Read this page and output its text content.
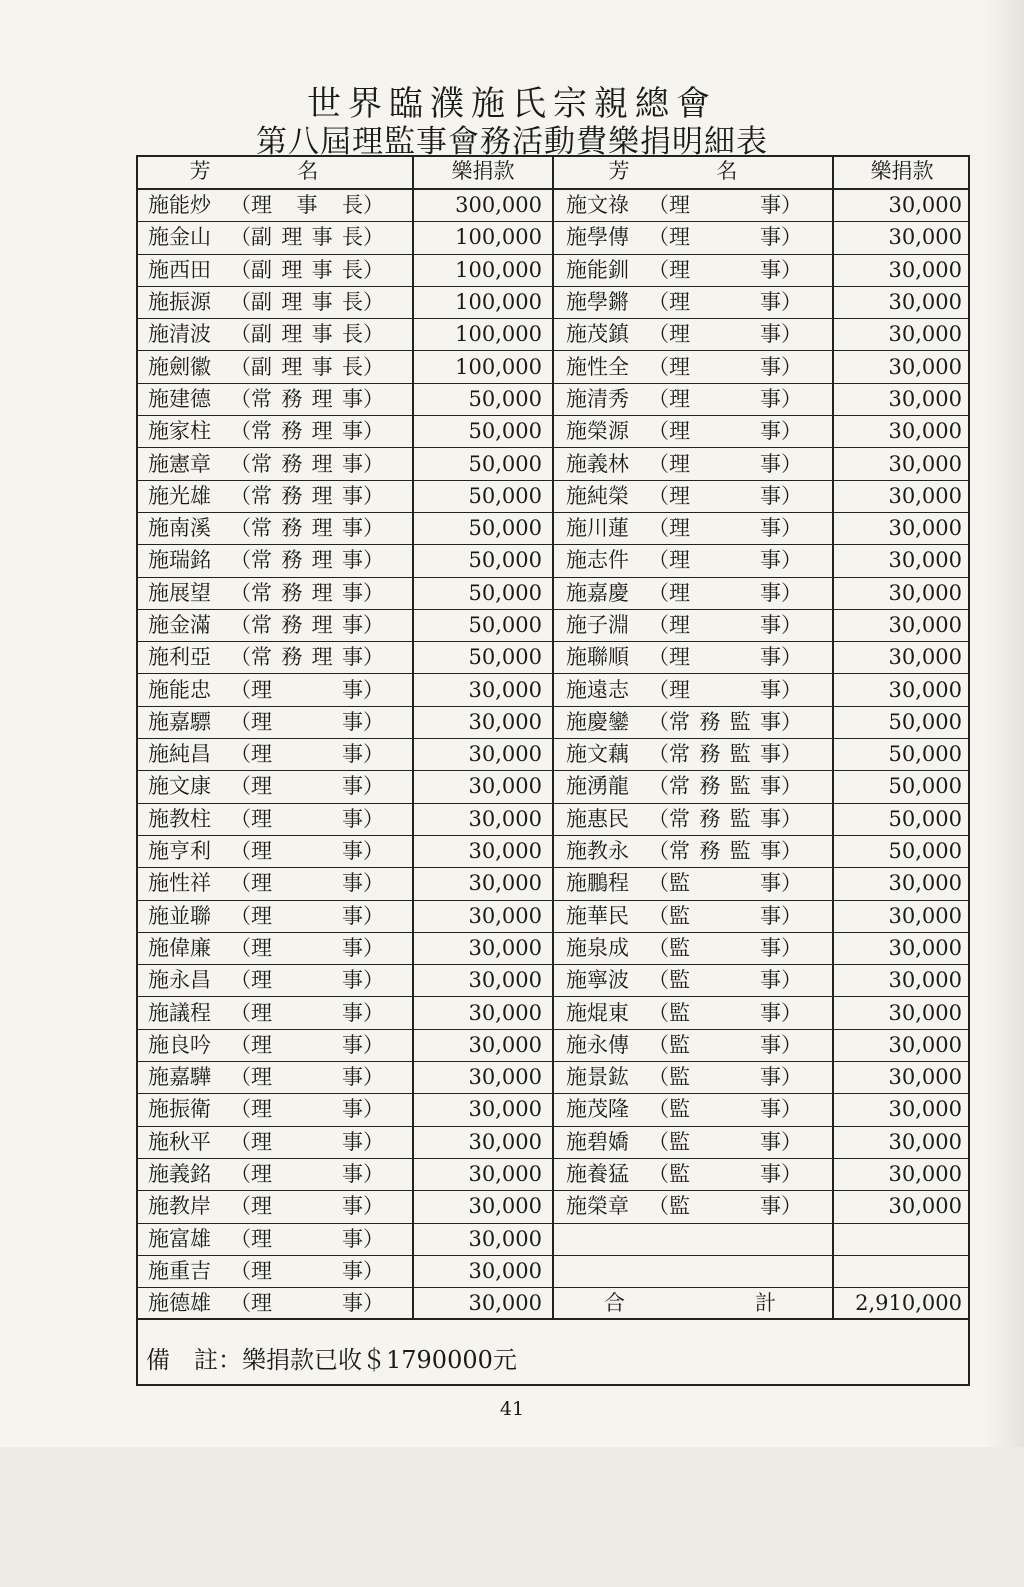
世界臨濮施氏宗親總會
第八屆理監事會務活動費樂捐明細表
芳 名	樂捐款	芳 名	樂捐款
施能炒 （理 事 長）	300,000	施文祿 （理 事）	30,000
施金山 （副理事長）	100,000	施學傳 （理 事）	30,000
施西田 （副理事長）	100,000	施能釧 （理 事）	30,000
施振源 （副理事長）	100,000	施學鏘 （理 事）	30,000
施清波 （副理事長）	100,000	施茂鎮 （理 事）	30,000
施劍徽 （副理事長）	100,000	施性全 （理 事）	30,000
施建德 （常務理事）	50,000	施清秀 （理 事）	30,000
施家柱 （常務理事）	50,000	施榮源 （理 事）	30,000
施憲章 （常務理事）	50,000	施義林 （理 事）	30,000
施光雄 （常務理事）	50,000	施純榮 （理 事）	30,000
施南溪 （常務理事）	50,000	施川蓮 （理 事）	30,000
施瑞銘 （常務理事）	50,000	施志件 （理 事）	30,000
施展望 （常務理事）	50,000	施嘉慶 （理 事）	30,000
施金滿 （常務理事）	50,000	施子淵 （理 事）	30,000
施利亞 （常務理事）	50,000	施聯順 （理 事）	30,000
施能忠 （理 事）	30,000	施遠志 （理 事）	30,000
施嘉驃 （理 事）	30,000	施慶鑾 （常務監事）	50,000
施純昌 （理 事）	30,000	施文藕 （常務監事）	50,000
施文康 （理 事）	30,000	施湧龍 （常務監事）	50,000
施教柱 （理 事）	30,000	施惠民 （常務監事）	50,000
施亨利 （理 事）	30,000	施教永 （常務監事）	50,000
施性祥 （理 事）	30,000	施鵬程 （監 事）	30,000
施並聯 （理 事）	30,000	施華民 （監 事）	30,000
施偉廉 （理 事）	30,000	施泉成 （監 事）	30,000
施永昌 （理 事）	30,000	施寧波 （監 事）	30,000
施議程 （理 事）	30,000	施焜東 （監 事）	30,000
施良吟 （理 事）	30,000	施永傳 （監 事）	30,000
施嘉驊 （理 事）	30,000	施景鈜 （監 事）	30,000
施振衛 （理 事）	30,000	施茂隆 （監 事）	30,000
施秋平 （理 事）	30,000	施碧嬌 （監 事）	30,000
施義銘 （理 事）	30,000	施養猛 （監 事）	30,000
施教岸 （理 事）	30,000	施榮章 （監 事）	30,000
施富雄 （理 事）	30,000		
施重吉 （理 事）	30,000		
施德雄 （理 事）	30,000	合 計	2,910,000
備　註：樂捐款已收＄1790000元
41
